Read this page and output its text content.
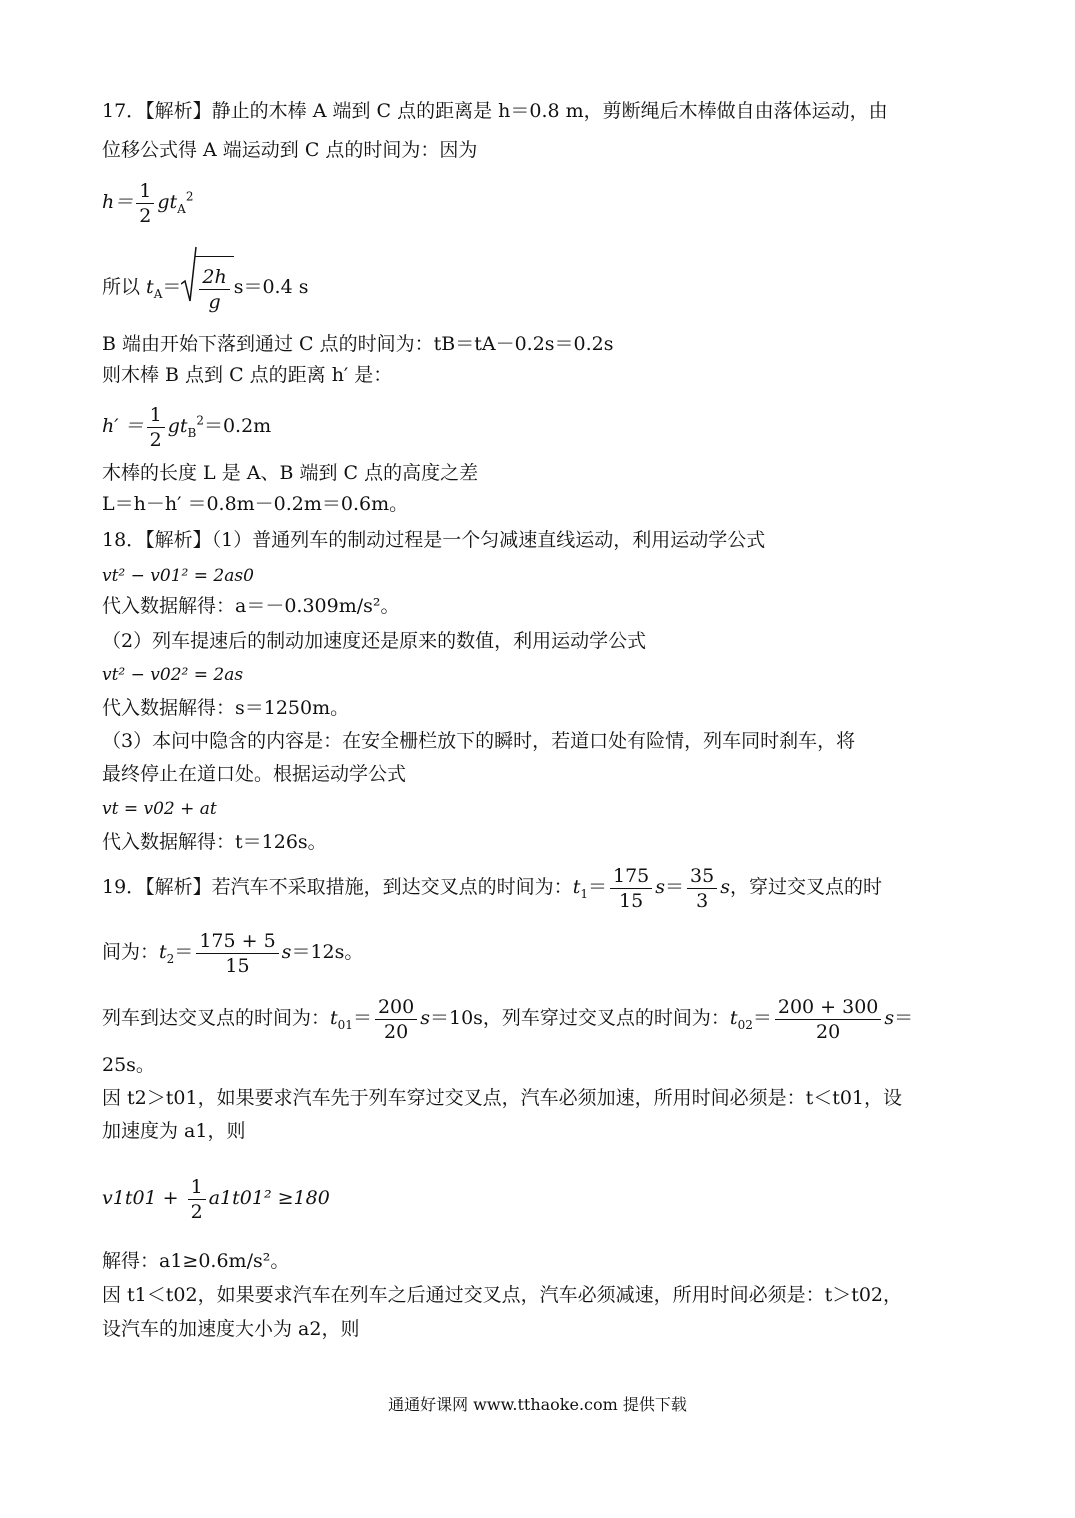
17．【解析】静止的木棒 A 端到 C 点的距离是 h＝0.8 m，剪断绳后木棒做自由落体运动，由
位移公式得 A 端运动到 C 点的时间为：因为
$h= \frac{1}{2} gt_A^2$
所以 $t_A= \frac{2h}{g} s=0.4$ s
B 端由开始下落到通过 C 点的时间为：tB＝tA－0.2s＝0.2s
则木棒 B 点到 C 点的距离 h′ 是：
$h' = \frac{1}{2} gt_B^2=0.2m$
木棒的长度 L 是 A、B 端到 C 点的高度之差
L＝h－h′ ＝0.8m－0.2m＝0.6m。
18．【解析】（1）普通列车的制动过程是一个匀减速直线运动，利用运动学公式
vt² − v01² = 2as0
代入数据解得：a＝－0.309m/s²。
（2）列车提速后的制动加速度还是原来的数值，利用运动学公式
vt² − v02² = 2as
代入数据解得：s＝1250m。
（3）本问中隐含的内容是：在安全栅栏放下的瞬时，若道口处有险情，列车同时刹车，将
最终停止在道口处。根据运动学公式
vt = v02 + at
代入数据解得：t＝126s。
19．【解析】若汽车不采取措施，到达交叉点的时间为：$t_1= \frac{175}{15} s= \frac{35}{3}$ s，穿过交叉点的时
间为：$t_2= \frac{175 + 5}{15} s=12s$。
列车到达交叉点的时间为：$t_{01}= \frac{200}{20} s=10s$，列车穿过交叉点的时间为：$t_{02}= \frac{200 + 300}{20} s=$
25s。
因 t2＞t01，如果要求汽车先于列车穿过交叉点，汽车必须加速，所用时间必须是：t＜t01，设
加速度为 a1，则
$v1t01 + \frac{1}{2} a1t01^2 \ge 180$
解得：a1≥0.6m/s²。
因 t1＜t02，如果要求汽车在列车之后通过交叉点，汽车必须减速，所用时间必须是：t＞t02，
设汽车的加速度大小为 a2，则
通通好课网 www.tthaoke.com 提供下载
